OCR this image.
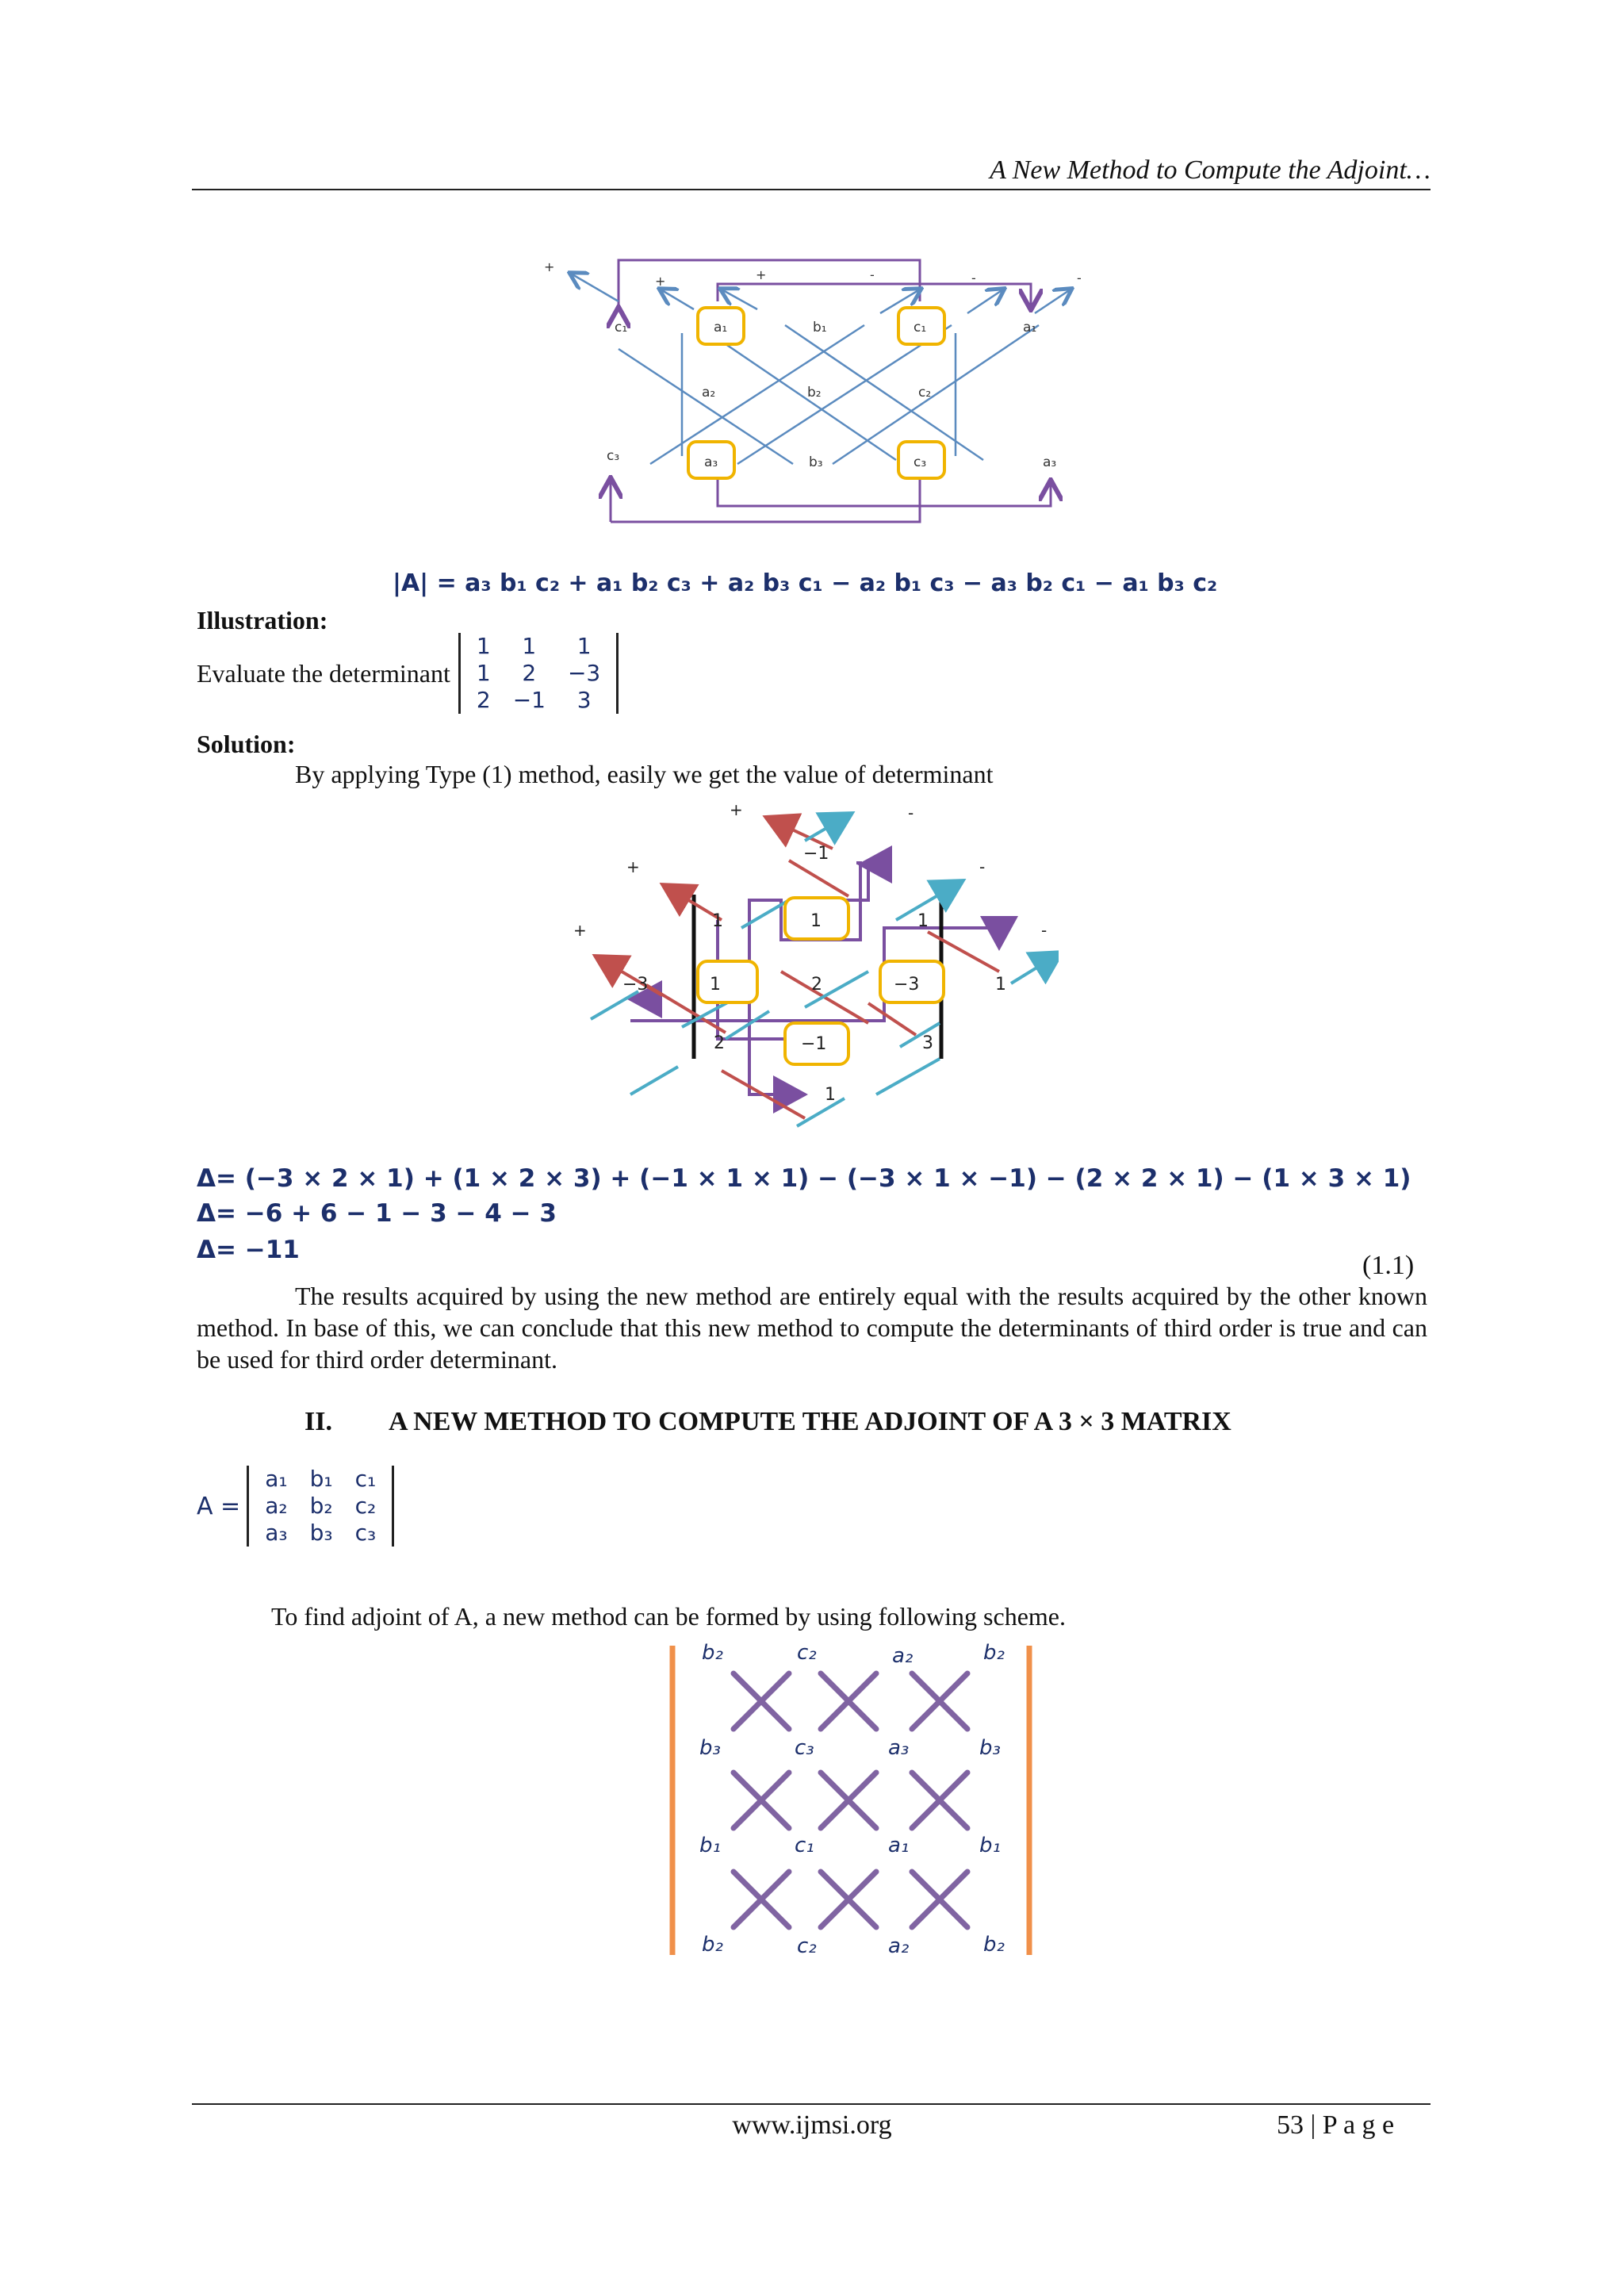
A New Method to Compute the Adjoint…
c₁	a₁	b₁	c₁	a₁
a₂	b₂	c₂
c₃	a₃	b₃	c₃	a₃
+
+	+	-	-	-
|A| = a₃ b₁ c₂ + a₁ b₂ c₃ + a₂ b₃ c₁ − a₂ b₁ c₃ − a₃ b₂ c₁ − a₁ b₃ c₂
Illustration:
Evaluate the determinant
1	1	1
1	2	−3
2	−1	3
Solution:
By applying Type (1) method, easily we get the value of determinant
−1
1	1	1
−3	1	2	−3	1
2	−1	3
1
+
+
+
-
-
-
Δ= (−3 × 2 × 1) + (1 × 2 × 3) + (−1 × 1 × 1) − (−3 × 1 × −1) − (2 × 2 × 1) − (1 × 3 × 1)
Δ= −6 + 6 − 1 − 3 − 4 − 3
Δ= −11
(1.1)
The results acquired by using the new method are entirely equal with the results acquired by the other known method. In base of this, we can conclude that this new method to compute the determinants of third order is true and can be used for third order determinant.
II. A NEW METHOD TO COMPUTE THE ADJOINT OF A 3 × 3 MATRIX
A =
a₁	b₁	c₁
a₂	b₂	c₂
a₃	b₃	c₃
To find adjoint of A, a new method can be formed by using following scheme.
b₂	c₂	a₂	b₂
b₃	c₃	a₃	b₃
b₁	c₁	a₁	b₁
b₂	c₂	a₂	b₂
www.ijmsi.org	53 | P a g e
